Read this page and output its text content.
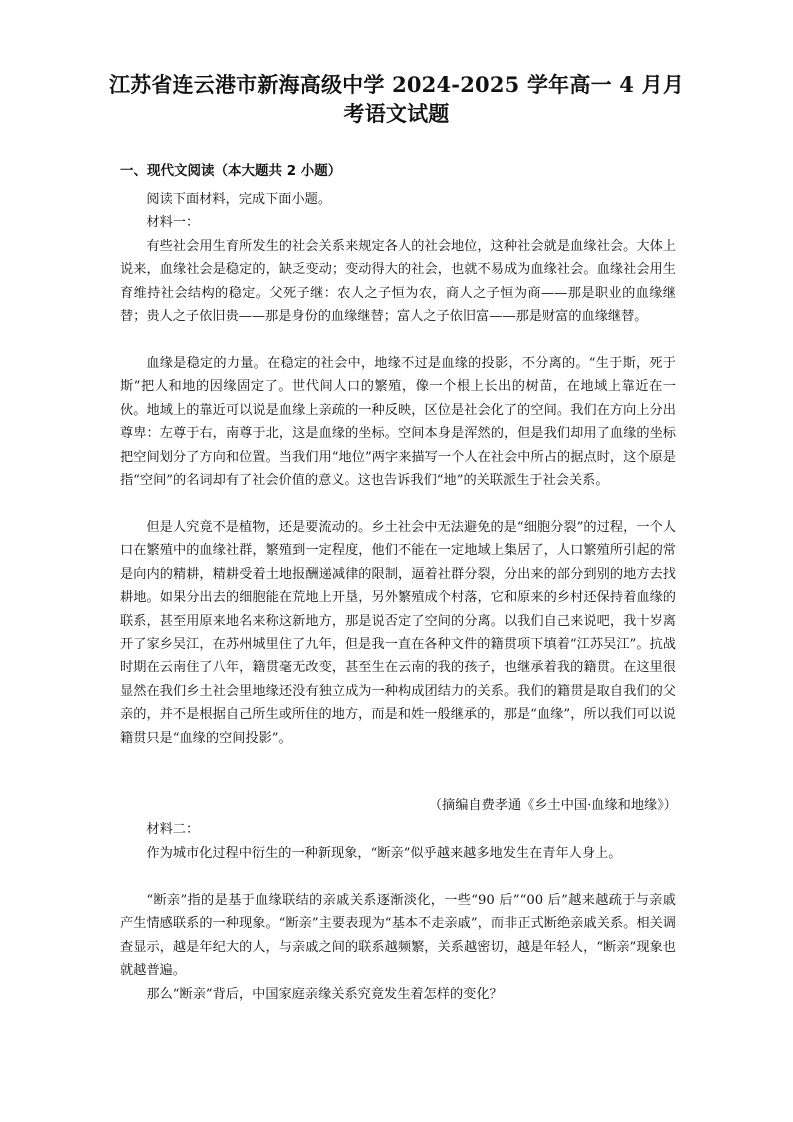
江苏省连云港市新海高级中学 2024-2025 学年高一 4 月月
考语文试题
一、现代文阅读（本大题共 2 小题）
阅读下面材料，完成下面小题。
材料一：
有些社会用生育所发生的社会关系来规定各人的社会地位，这种社会就是血缘社会。大体上说来，血缘社会是稳定的，缺乏变动；变动得大的社会，也就不易成为血缘社会。血缘社会用生育维持社会结构的稳定。父死子继：农人之子恒为农，商人之子恒为商——那是职业的血缘继替；贵人之子依旧贵——那是身份的血缘继替；富人之子依旧富——那是财富的血缘继替。
血缘是稳定的力量。在稳定的社会中，地缘不过是血缘的投影，不分离的。“生于斯，死于斯”把人和地的因缘固定了。世代间人口的繁殖，像一个根上长出的树苗，在地域上靠近在一伙。地域上的靠近可以说是血缘上亲疏的一种反映，区位是社会化了的空间。我们在方向上分出尊卑：左尊于右，南尊于北，这是血缘的坐标。空间本身是浑然的，但是我们却用了血缘的坐标把空间划分了方向和位置。当我们用“地位”两字来描写一个人在社会中所占的据点时，这个原是指“空间”的名词却有了社会价值的意义。这也告诉我们“地”的关联派生于社会关系。
但是人究竟不是植物，还是要流动的。乡土社会中无法避免的是“细胞分裂”的过程，一个人口在繁殖中的血缘社群，繁殖到一定程度，他们不能在一定地域上集居了，人口繁殖所引起的常是向内的精耕，精耕受着土地报酬递减律的限制，逼着社群分裂，分出来的部分到别的地方去找耕地。如果分出去的细胞能在荒地上开垦，另外繁殖成个村落，它和原来的乡村还保持着血缘的联系，甚至用原来地名来称这新地方，那是说否定了空间的分离。以我们自己来说吧，我十岁离开了家乡吴江，在苏州城里住了九年，但是我一直在各种文件的籍贯项下填着“江苏吴江”。抗战时期在云南住了八年，籍贯毫无改变，甚至生在云南的我的孩子，也继承着我的籍贯。在这里很显然在我们乡土社会里地缘还没有独立成为一种构成团结力的关系。我们的籍贯是取自我们的父亲的，并不是根据自己所生或所住的地方，而是和姓一般继承的，那是“血缘”，所以我们可以说籍贯只是“血缘的空间投影”。
（摘编自费孝通《乡土中国·血缘和地缘》）
材料二：
作为城市化过程中衍生的一种新现象，“断亲”似乎越来越多地发生在青年人身上。
“断亲”指的是基于血缘联结的亲戚关系逐渐淡化，一些“90 后”“00 后”越来越疏于与亲戚产生情感联系的一种现象。“断亲”主要表现为“基本不走亲戚”，而非正式断绝亲戚关系。相关调查显示，越是年纪大的人，与亲戚之间的联系越频繁，关系越密切，越是年轻人，“断亲”现象也就越普遍。
那么“断亲”背后，中国家庭亲缘关系究竟发生着怎样的变化？
